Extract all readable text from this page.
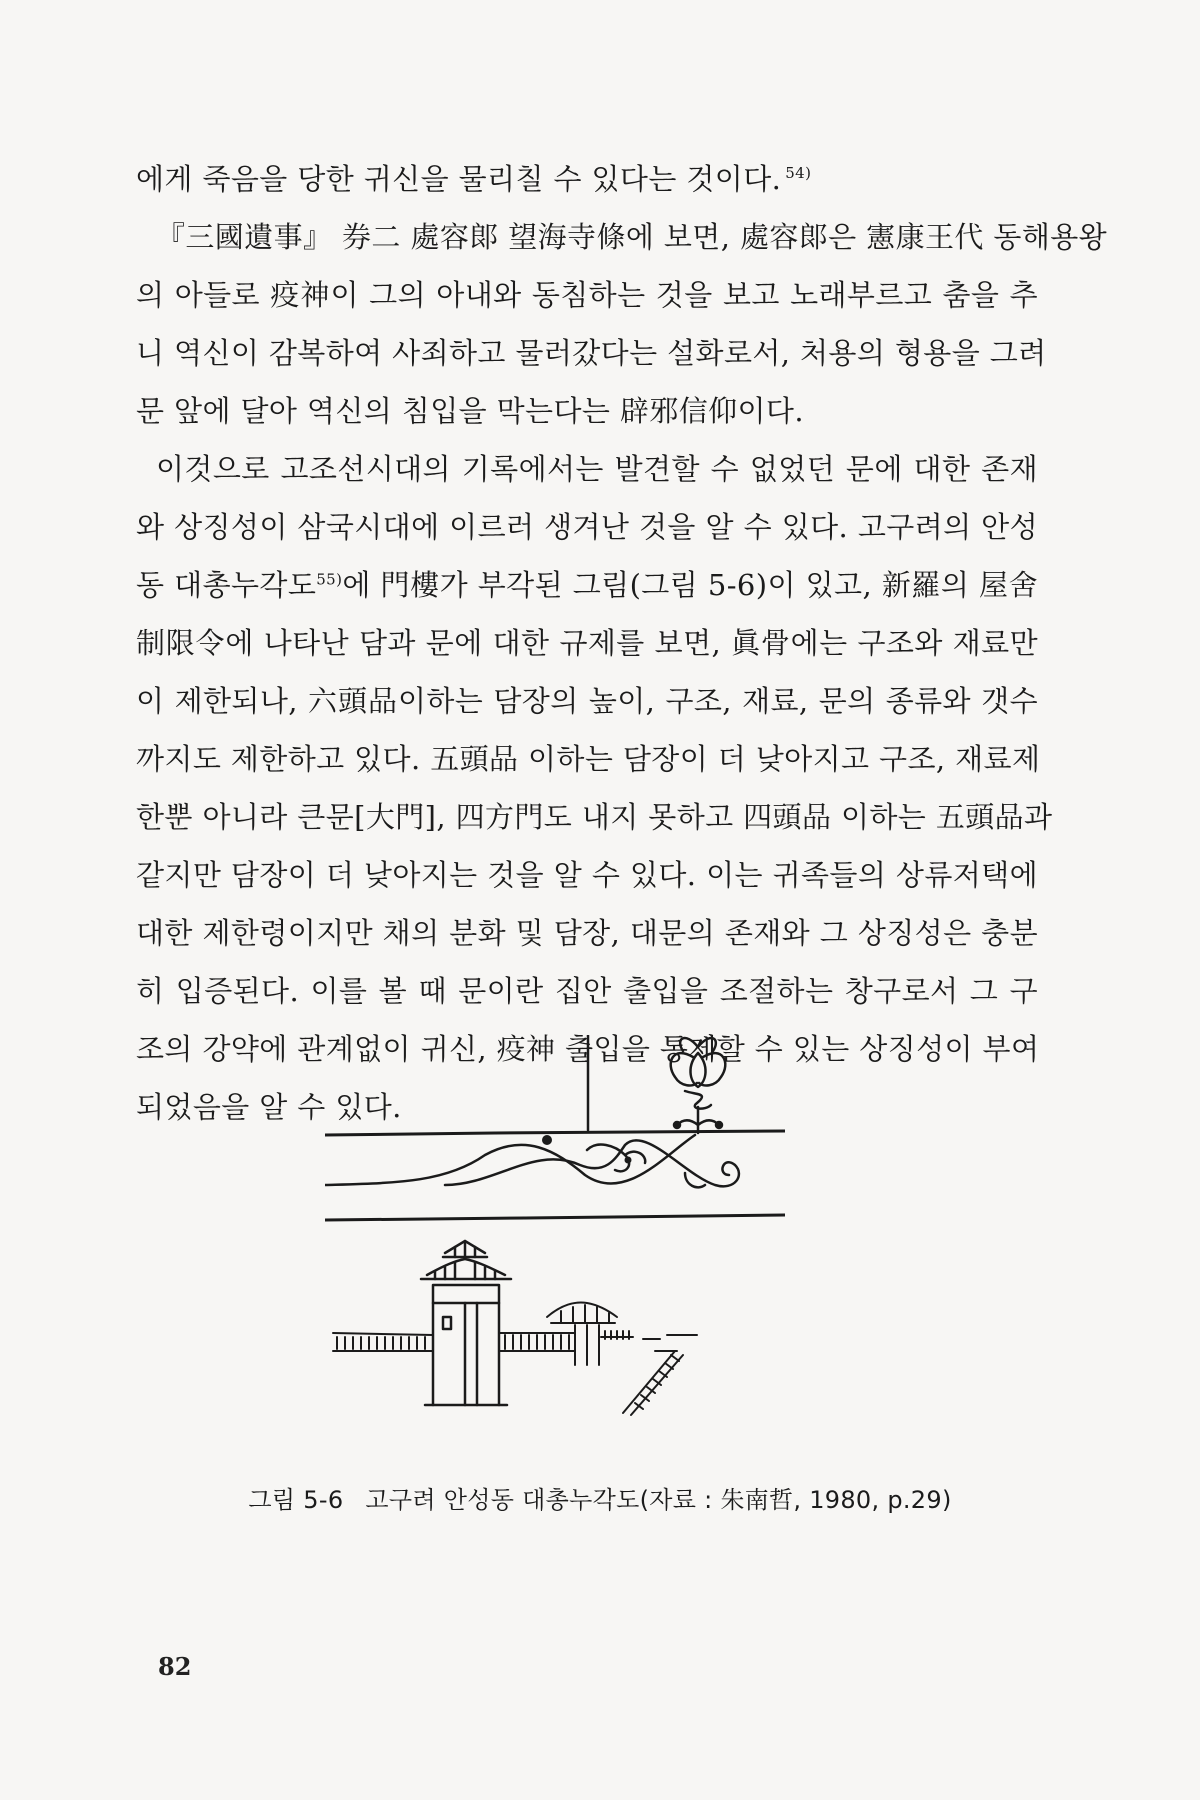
에게 죽음을 당한 귀신을 물리칠 수 있다는 것이다. $^{54)}$
『三國遺事』 券二 處容郞 望海寺條에 보면, 處容郞은 憲康王代 동해용왕
의 아들로 疫神이 그의 아내와 동침하는 것을 보고 노래부르고 춤을 추
니 역신이 감복하여 사죄하고 물러갔다는 설화로서, 처용의 형용을 그려
문 앞에 달아 역신의 침입을 막는다는 辟邪信仰이다.
이것으로 고조선시대의 기록에서는 발견할 수 없었던 문에 대한 존재
와 상징성이 삼국시대에 이르러 생겨난 것을 알 수 있다. 고구려의 안성
동 대총누각도$^{55)}$에 門樓가 부각된 그림(그림 5-6)이 있고, 新羅의 屋舍
制限令에 나타난 담과 문에 대한 규제를 보면, 眞骨에는 구조와 재료만
이 제한되나, 六頭品이하는 담장의 높이, 구조, 재료, 문의 종류와 갯수
까지도 제한하고 있다. 五頭品 이하는 담장이 더 낮아지고 구조, 재료제
한뿐 아니라 큰문[大門], 四方門도 내지 못하고 四頭品 이하는 五頭品과
같지만 담장이 더 낮아지는 것을 알 수 있다. 이는 귀족들의 상류저택에
대한 제한령이지만 채의 분화 및 담장, 대문의 존재와 그 상징성은 충분
히 입증된다. 이를 볼 때 문이란 집안 출입을 조절하는 창구로서 그 구
조의 강약에 관계없이 귀신, 疫神 출입을 통제할 수 있는 상징성이 부여
되었음을 알 수 있다.
그림 5-6 고구려 안성동 대총누각도(자료 : 朱南哲, 1980, p.29)
82
